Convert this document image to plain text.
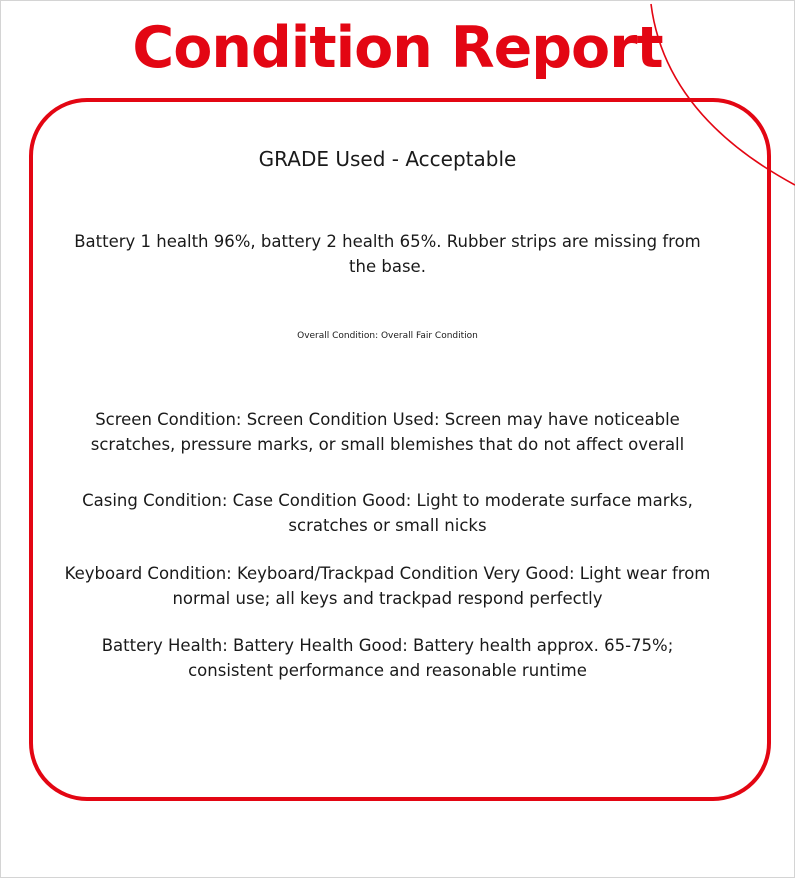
Condition Report
GRADE Used - Acceptable
Battery 1 health 96%, battery 2 health 65%. Rubber strips are missing from the base.
Overall Condition: Overall Fair Condition
Screen Condition: Screen Condition Used: Screen may have noticeable scratches, pressure marks, or small blemishes that do not affect overall
Casing Condition: Case Condition Good: Light to moderate surface marks, scratches or small nicks
Keyboard Condition: Keyboard/Trackpad Condition Very Good: Light wear from normal use; all keys and trackpad respond perfectly
Battery Health: Battery Health Good: Battery health approx. 65-75%; consistent performance and reasonable runtime
